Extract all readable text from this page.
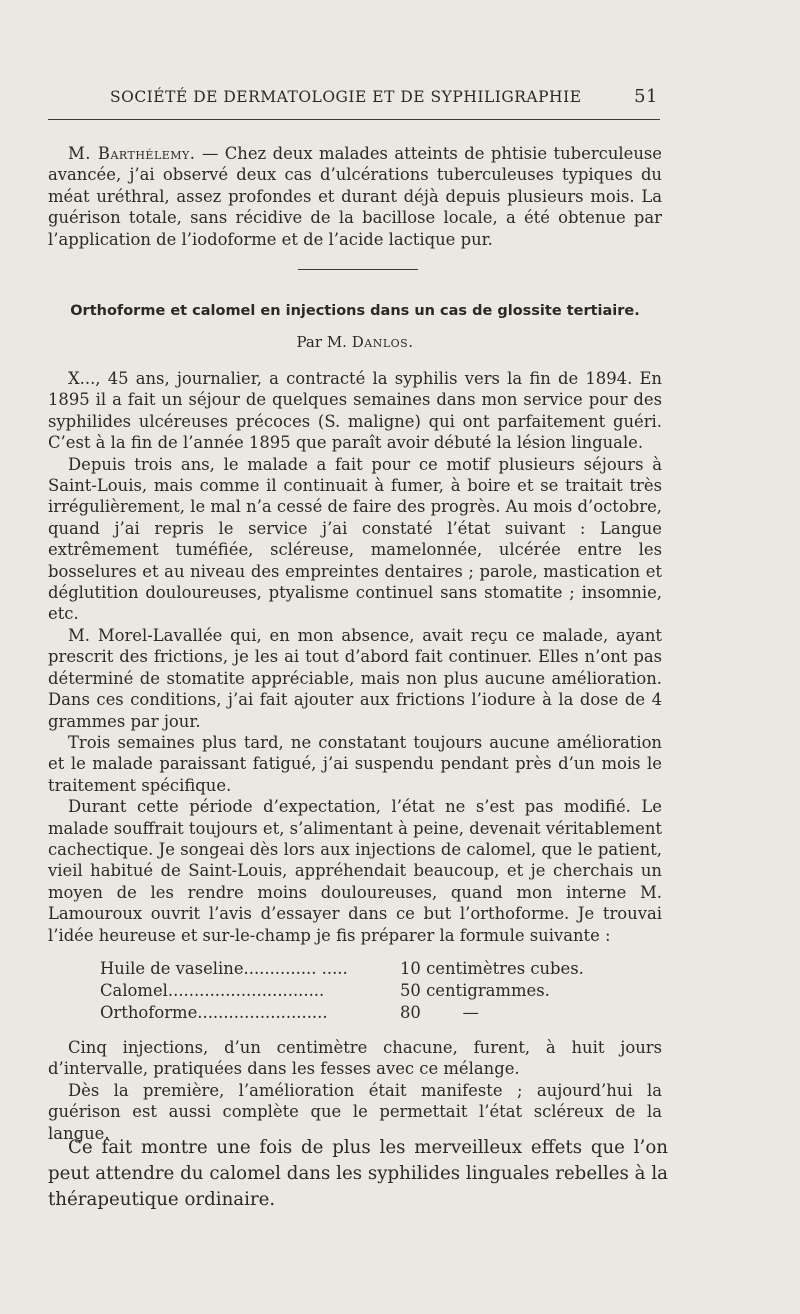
SOCIÉTÉ DE DERMATOLOGIE ET DE SYPHILIGRAPHIE	51

M. Barthélemy. — Chez deux malades atteints de phtisie tuberculeuse avancée, j’ai observé deux cas d’ulcérations tuberculeuses typiques du méat uréthral, assez profondes et durant déjà depuis plusieurs mois. La guérison totale, sans récidive de la bacillose locale, a été obtenue par l’application de l’iodoforme et de l’acide lactique pur.

Orthoforme et calomel en injections dans un cas de glossite tertiaire.
Par M. Danlos.

X..., 45 ans, journalier, a contracté la syphilis vers la fin de 1894. En 1895 il a fait un séjour de quelques semaines dans mon service pour des syphilides ulcéreuses précoces (S. maligne) qui ont parfaitement guéri. C’est à la fin de l’année 1895 que paraît avoir débuté la lésion linguale.

Depuis trois ans, le malade a fait pour ce motif plusieurs séjours à Saint-Louis, mais comme il continuait à fumer, à boire et se traitait très irrégulièrement, le mal n’a cessé de faire des progrès. Au mois d’octobre, quand j’ai repris le service j’ai constaté l’état suivant : Langue extrêmement tuméfiée, scléreuse, mamelonnée, ulcérée entre les bosselures et au niveau des empreintes dentaires ; parole, mastication et déglutition douloureuses, ptyalisme continuel sans stomatite ; insomnie, etc.

M. Morel-Lavallée qui, en mon absence, avait reçu ce malade, ayant prescrit des frictions, je les ai tout d’abord fait continuer. Elles n’ont pas déterminé de stomatite appréciable, mais non plus aucune amélioration. Dans ces conditions, j’ai fait ajouter aux frictions l’iodure à la dose de 4 grammes par jour.

Trois semaines plus tard, ne constatant toujours aucune amélioration et le malade paraissant fatigué, j’ai suspendu pendant près d’un mois le traitement spécifique.

Durant cette période d’expectation, l’état ne s’est pas modifié. Le malade souffrait toujours et, s’alimentant à peine, devenait véritablement cachectique. Je songeai dès lors aux injections de calomel, que le patient, vieil habitué de Saint-Louis, appréhendait beaucoup, et je cherchais un moyen de les rendre moins douloureuses, quand mon interne M. Lamouroux ouvrit l’avis d’essayer dans ce but l’orthoforme. Je trouvai l’idée heureuse et sur-le-champ je fis préparer la formule suivante :

Huile de vaseline.............. .....	10 centimètres cubes.
Calomel..............................	50 centigrammes.
Orthoforme.........................	80        —

Cinq injections, d’un centimètre chacune, furent, à huit jours d’intervalle, pratiquées dans les fesses avec ce mélange.

Dès la première, l’amélioration était manifeste ; aujourd’hui la guérison est aussi complète que le permettait l’état scléreux de la langue.

Ce fait montre une fois de plus les merveilleux effets que l’on peut attendre du calomel dans les syphilides linguales rebelles à la thérapeutique ordinaire.
